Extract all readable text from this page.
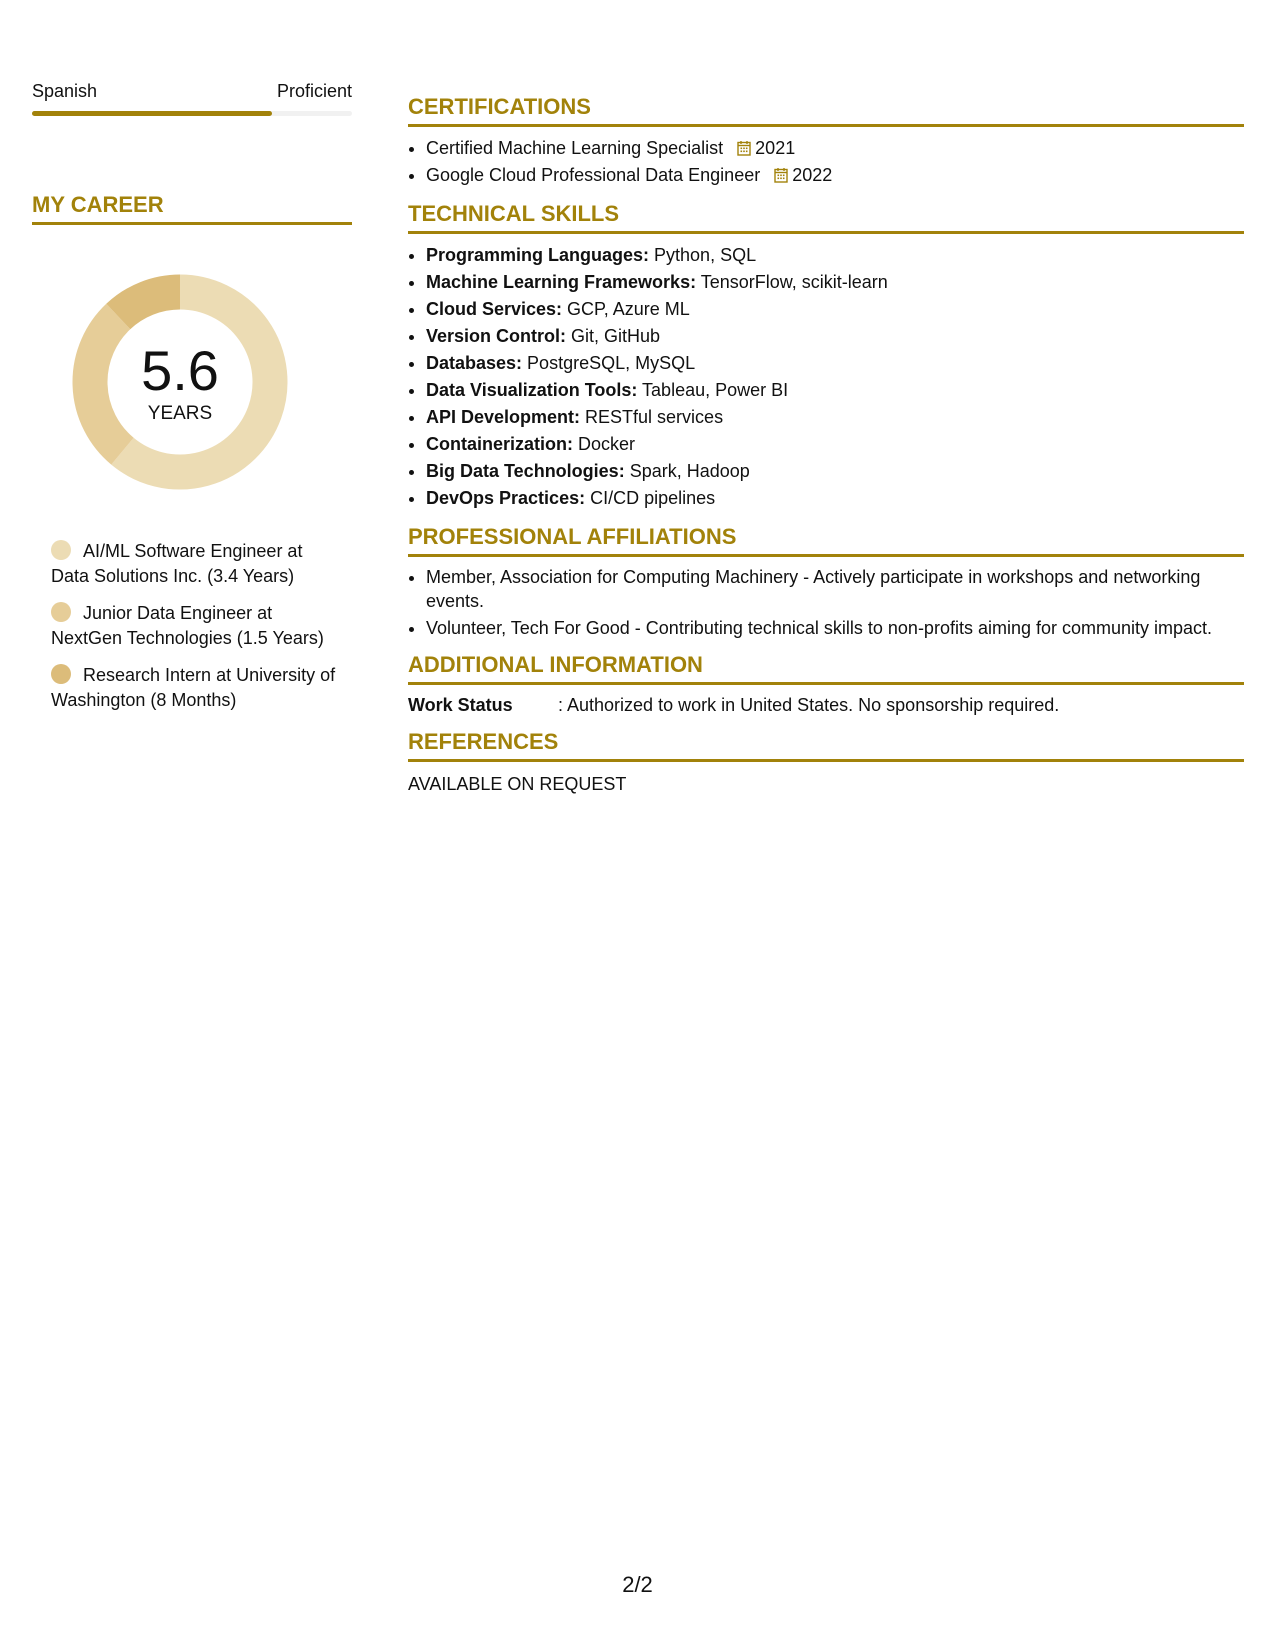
Spanish	Proficient
MY CAREER
5.6
YEARS
AI/ML Software Engineer at Data Solutions Inc. (3.4 Years)
Junior Data Engineer at NextGen Technologies (1.5 Years)
Research Intern at University of Washington (8 Months)
CERTIFICATIONS
• Certified Machine Learning Specialist 2021
• Google Cloud Professional Data Engineer 2022
TECHNICAL SKILLS
• Programming Languages: Python, SQL
• Machine Learning Frameworks: TensorFlow, scikit-learn
• Cloud Services: GCP, Azure ML
• Version Control: Git, GitHub
• Databases: PostgreSQL, MySQL
• Data Visualization Tools: Tableau, Power BI
• API Development: RESTful services
• Containerization: Docker
• Big Data Technologies: Spark, Hadoop
• DevOps Practices: CI/CD pipelines
PROFESSIONAL AFFILIATIONS
• Member, Association for Computing Machinery - Actively participate in workshops and networking events.
• Volunteer, Tech For Good - Contributing technical skills to non-profits aiming for community impact.
ADDITIONAL INFORMATION
Work Status	: Authorized to work in United States. No sponsorship required.
REFERENCES
AVAILABLE ON REQUEST
2/2
